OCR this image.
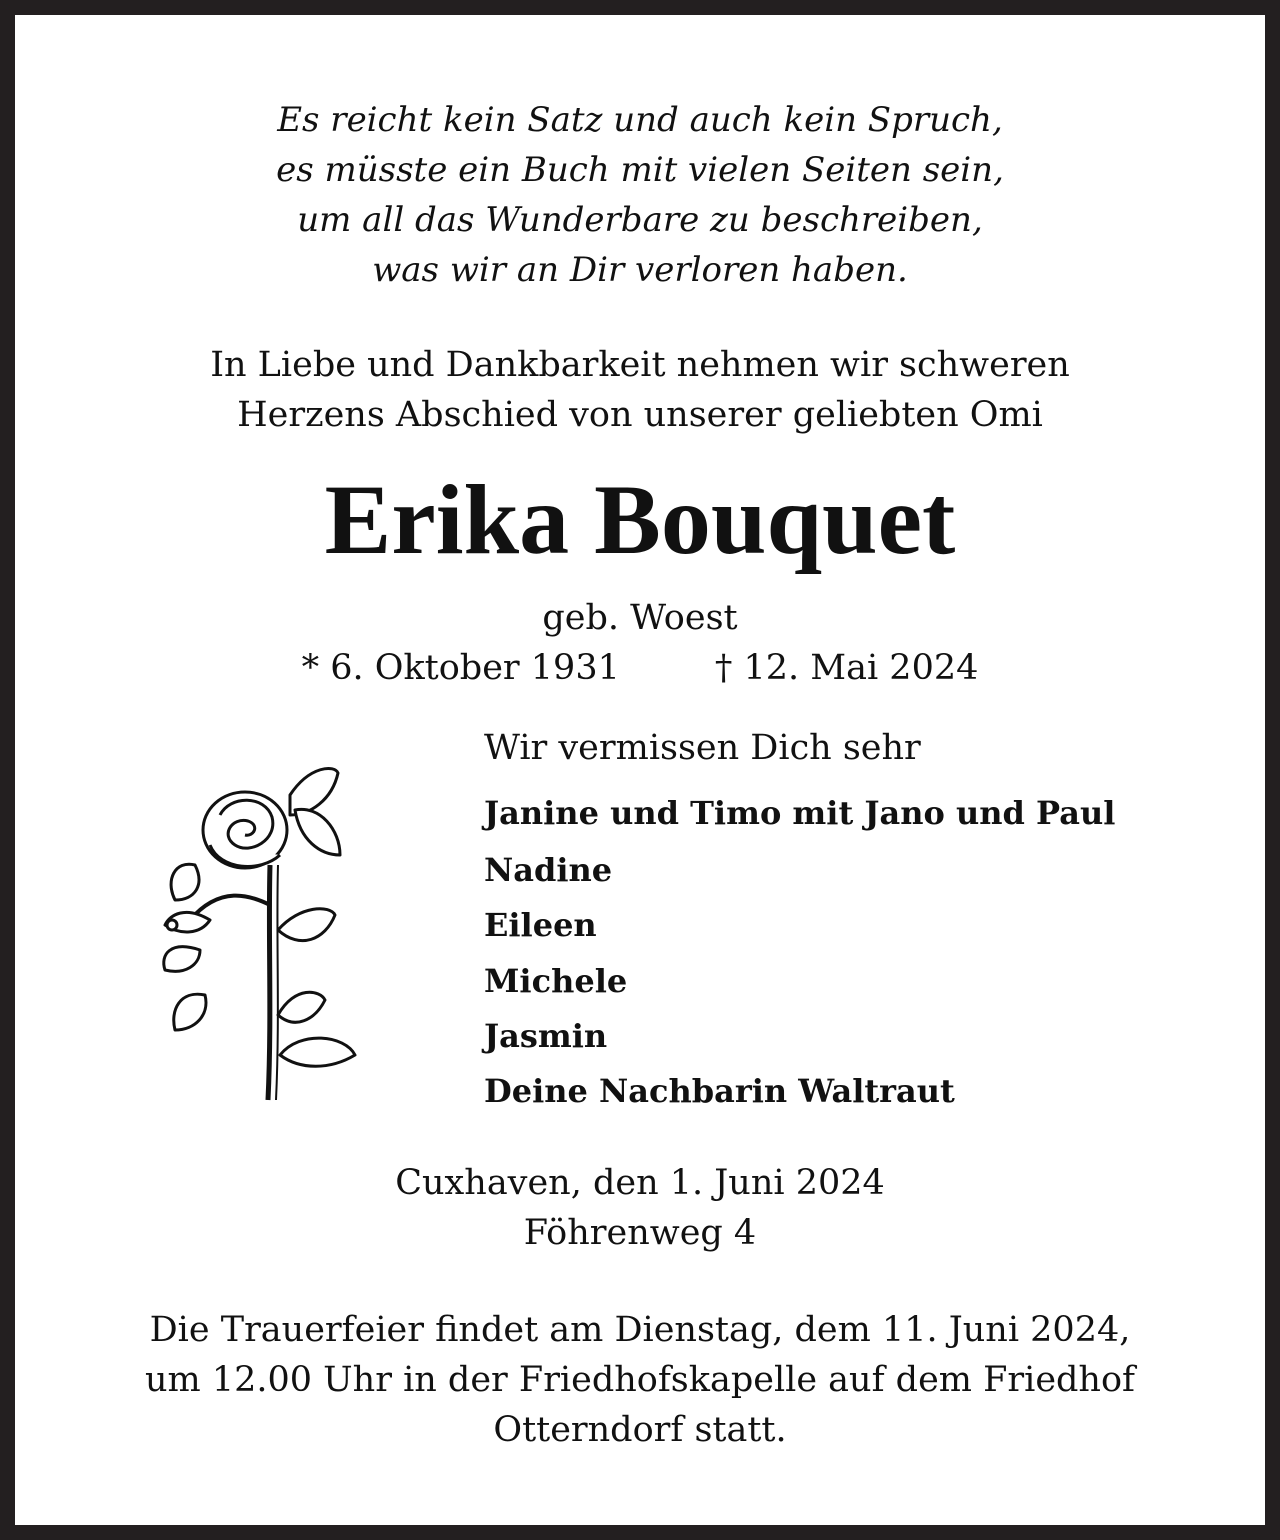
Es reicht kein Satz und auch kein Spruch,
es müsste ein Buch mit vielen Seiten sein,
um all das Wunderbare zu beschreiben,
was wir an Dir verloren haben.
In Liebe und Dankbarkeit nehmen wir schweren
Herzens Abschied von unserer geliebten Omi
Erika Bouquet
geb. Woest
* 6. Oktober 1931	† 12. Mai 2024
Wir vermissen Dich sehr
Janine und Timo mit Jano und Paul
Nadine
Eileen
Michele
Jasmin
Deine Nachbarin Waltraut
Cuxhaven, den 1. Juni 2024
Föhrenweg 4
Die Trauerfeier findet am Dienstag, dem 11. Juni 2024,
um 12.00 Uhr in der Friedhofskapelle auf dem Friedhof
Otterndorf statt.
